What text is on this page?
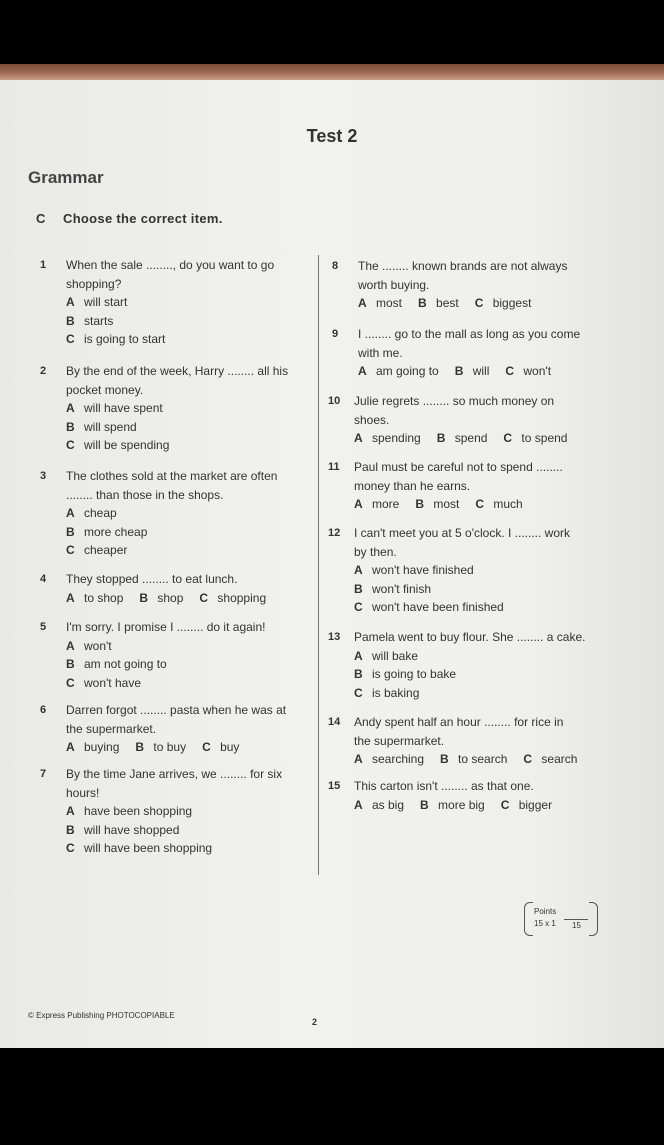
Test 2
Grammar
C Choose the correct item.
1 When the sale ........, do you want to go
shopping?
A will start
B starts
C is going to start
2 By the end of the week, Harry ........ all his
pocket money.
A will have spent
B will spend
C will be spending
3 The clothes sold at the market are often
........ than those in the shops.
A cheap
B more cheap
C cheaper
4 They stopped ........ to eat lunch.
A to shop B shop C shopping
5 I'm sorry. I promise I ........ do it again!
A won't
B am not going to
C won't have
6 Darren forgot ........ pasta when he was at
the supermarket.
A buying B to buy C buy
7 By the time Jane arrives, we ........ for six
hours!
A have been shopping
B will have shopped
C will have been shopping
8 The ........ known brands are not always
worth buying.
A most B best C biggest
9 I ........ go to the mall as long as you come
with me.
A am going to B will C won't
10 Julie regrets ........ so much money on
shoes.
A spending B spend C to spend
11 Paul must be careful not to spend ........
money than he earns.
A more B most C much
12 I can't meet you at 5 o'clock. I ........ work
by then.
A won't have finished
B won't finish
C won't have been finished
13 Pamela went to buy flour. She ........ a cake.
A will bake
B is going to bake
C is baking
14 Andy spent half an hour ........ for rice in
the supermarket.
A searching B to search C search
15 This carton isn't ........ as that one.
A as big B more big C bigger
Points
15 x 1 15
© Express Publishing PHOTOCOPIABLE
2
